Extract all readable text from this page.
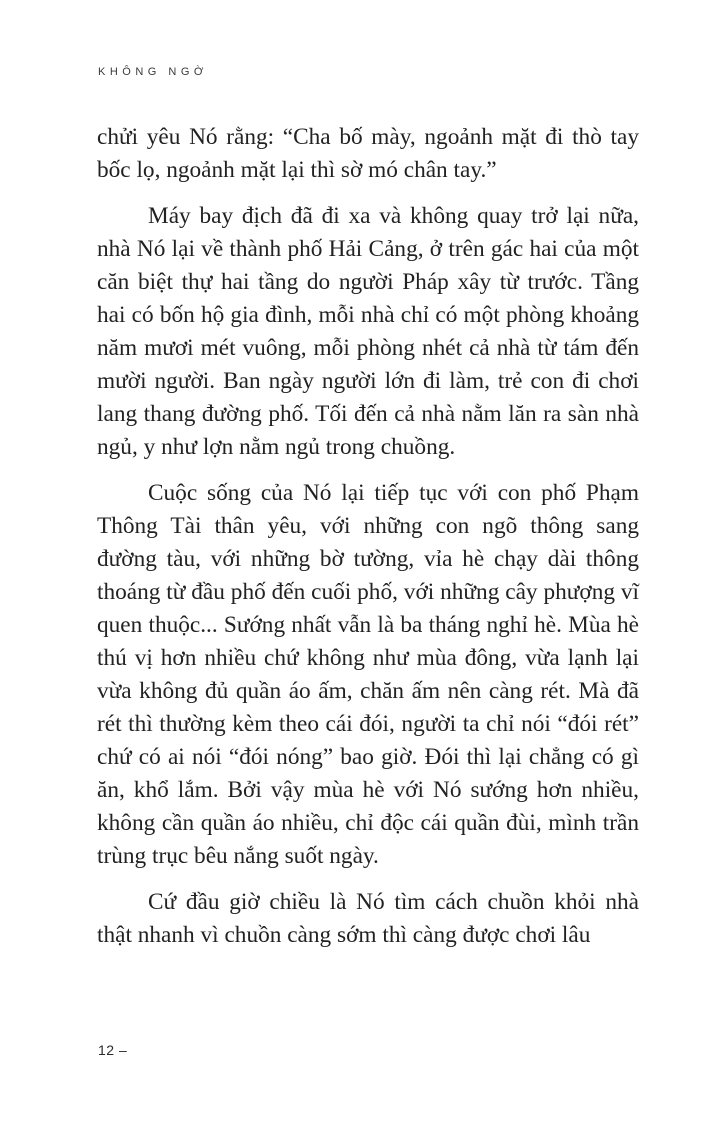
KHÔNG NGỜ

chửi yêu Nó rằng: “Cha bố mày, ngoảnh mặt đi thò tay bốc lọ, ngoảnh mặt lại thì sờ mó chân tay.”

Máy bay địch đã đi xa và không quay trở lại nữa, nhà Nó lại về thành phố Hải Cảng, ở trên gác hai của một căn biệt thự hai tầng do người Pháp xây từ trước. Tầng hai có bốn hộ gia đình, mỗi nhà chỉ có một phòng khoảng năm mươi mét vuông, mỗi phòng nhét cả nhà từ tám đến mười người. Ban ngày người lớn đi làm, trẻ con đi chơi lang thang đường phố. Tối đến cả nhà nằm lăn ra sàn nhà ngủ, y như lợn nằm ngủ trong chuồng.

Cuộc sống của Nó lại tiếp tục với con phố Phạm Thông Tài thân yêu, với những con ngõ thông sang đường tàu, với những bờ tường, vỉa hè chạy dài thông thoáng từ đầu phố đến cuối phố, với những cây phượng vĩ quen thuộc... Sướng nhất vẫn là ba tháng nghỉ hè. Mùa hè thú vị hơn nhiều chứ không như mùa đông, vừa lạnh lại vừa không đủ quần áo ấm, chăn ấm nên càng rét. Mà đã rét thì thường kèm theo cái đói, người ta chỉ nói “đói rét” chứ có ai nói “đói nóng” bao giờ. Đói thì lại chẳng có gì ăn, khổ lắm. Bởi vậy mùa hè với Nó sướng hơn nhiều, không cần quần áo nhiều, chỉ độc cái quần đùi, mình trần trùng trục bêu nắng suốt ngày.

Cứ đầu giờ chiều là Nó tìm cách chuồn khỏi nhà thật nhanh vì chuồn càng sớm thì càng được chơi lâu

12 –
